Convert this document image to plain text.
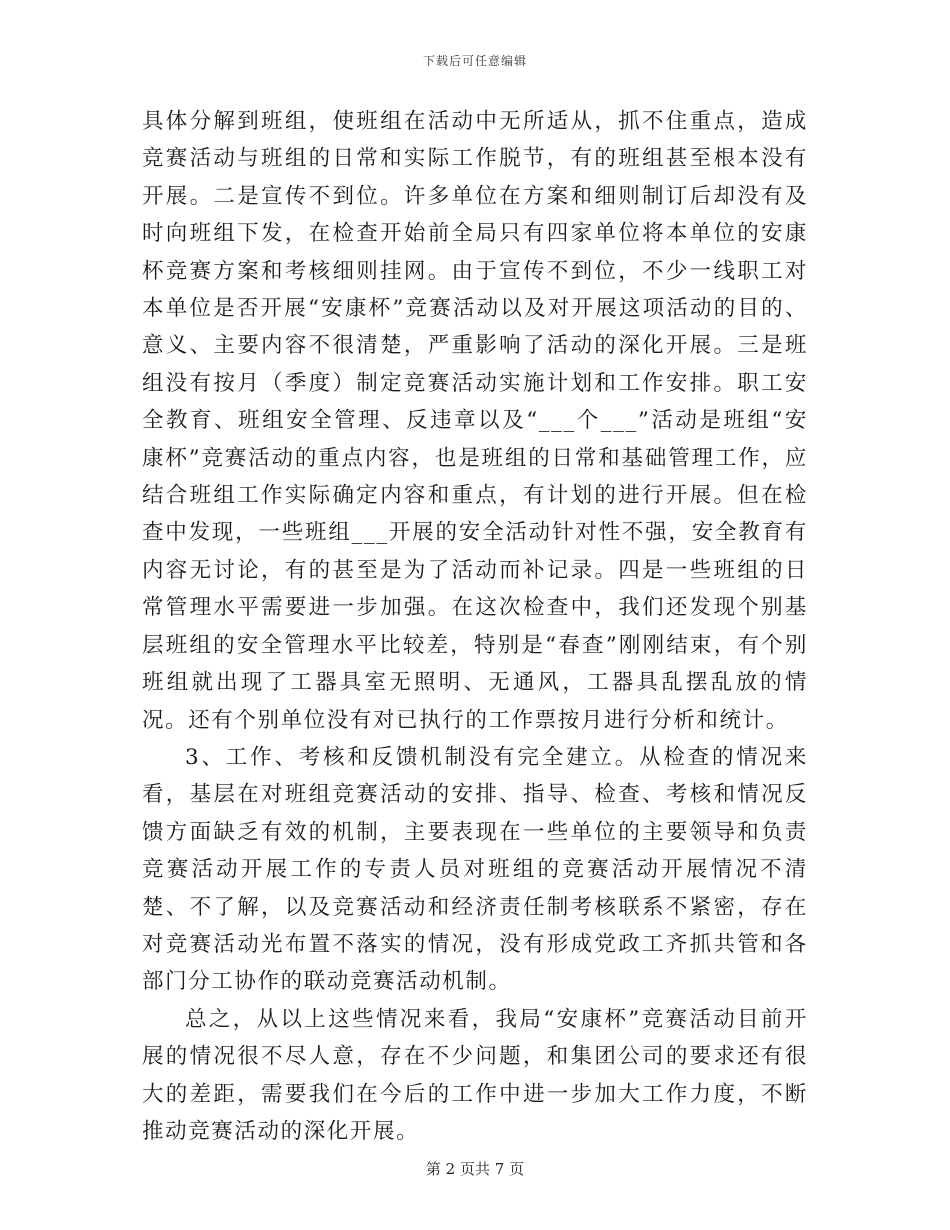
下载后可任意编辑

具体分解到班组，使班组在活动中无所适从，抓不住重点，造成竞赛活动与班组的日常和实际工作脱节，有的班组甚至根本没有开展。二是宣传不到位。许多单位在方案和细则制订后却没有及时向班组下发，在检查开始前全局只有四家单位将本单位的安康杯竞赛方案和考核细则挂网。由于宣传不到位，不少一线职工对本单位是否开展“安康杯”竞赛活动以及对开展这项活动的目的、意义、主要内容不很清楚，严重影响了活动的深化开展。三是班组没有按月（季度）制定竞赛活动实施计划和工作安排。职工安全教育、班组安全管理、反违章以及“___个___”活动是班组“安康杯”竞赛活动的重点内容，也是班组的日常和基础管理工作，应结合班组工作实际确定内容和重点，有计划的进行开展。但在检查中发现，一些班组___开展的安全活动针对性不强，安全教育有内容无讨论，有的甚至是为了活动而补记录。四是一些班组的日常管理水平需要进一步加强。在这次检查中，我们还发现个别基层班组的安全管理水平比较差，特别是“春查”刚刚结束，有个别班组就出现了工器具室无照明、无通风，工器具乱摆乱放的情况。还有个别单位没有对已执行的工作票按月进行分析和统计。

3、工作、考核和反馈机制没有完全建立。从检查的情况来看，基层在对班组竞赛活动的安排、指导、检查、考核和情况反馈方面缺乏有效的机制，主要表现在一些单位的主要领导和负责竞赛活动开展工作的专责人员对班组的竞赛活动开展情况不清楚、不了解，以及竞赛活动和经济责任制考核联系不紧密，存在对竞赛活动光布置不落实的情况，没有形成党政工齐抓共管和各部门分工协作的联动竞赛活动机制。

总之，从以上这些情况来看，我局“安康杯”竞赛活动目前开展的情况很不尽人意，存在不少问题，和集团公司的要求还有很大的差距，需要我们在今后的工作中进一步加大工作力度，不断推动竞赛活动的深化开展。

第 2 页共 7 页
